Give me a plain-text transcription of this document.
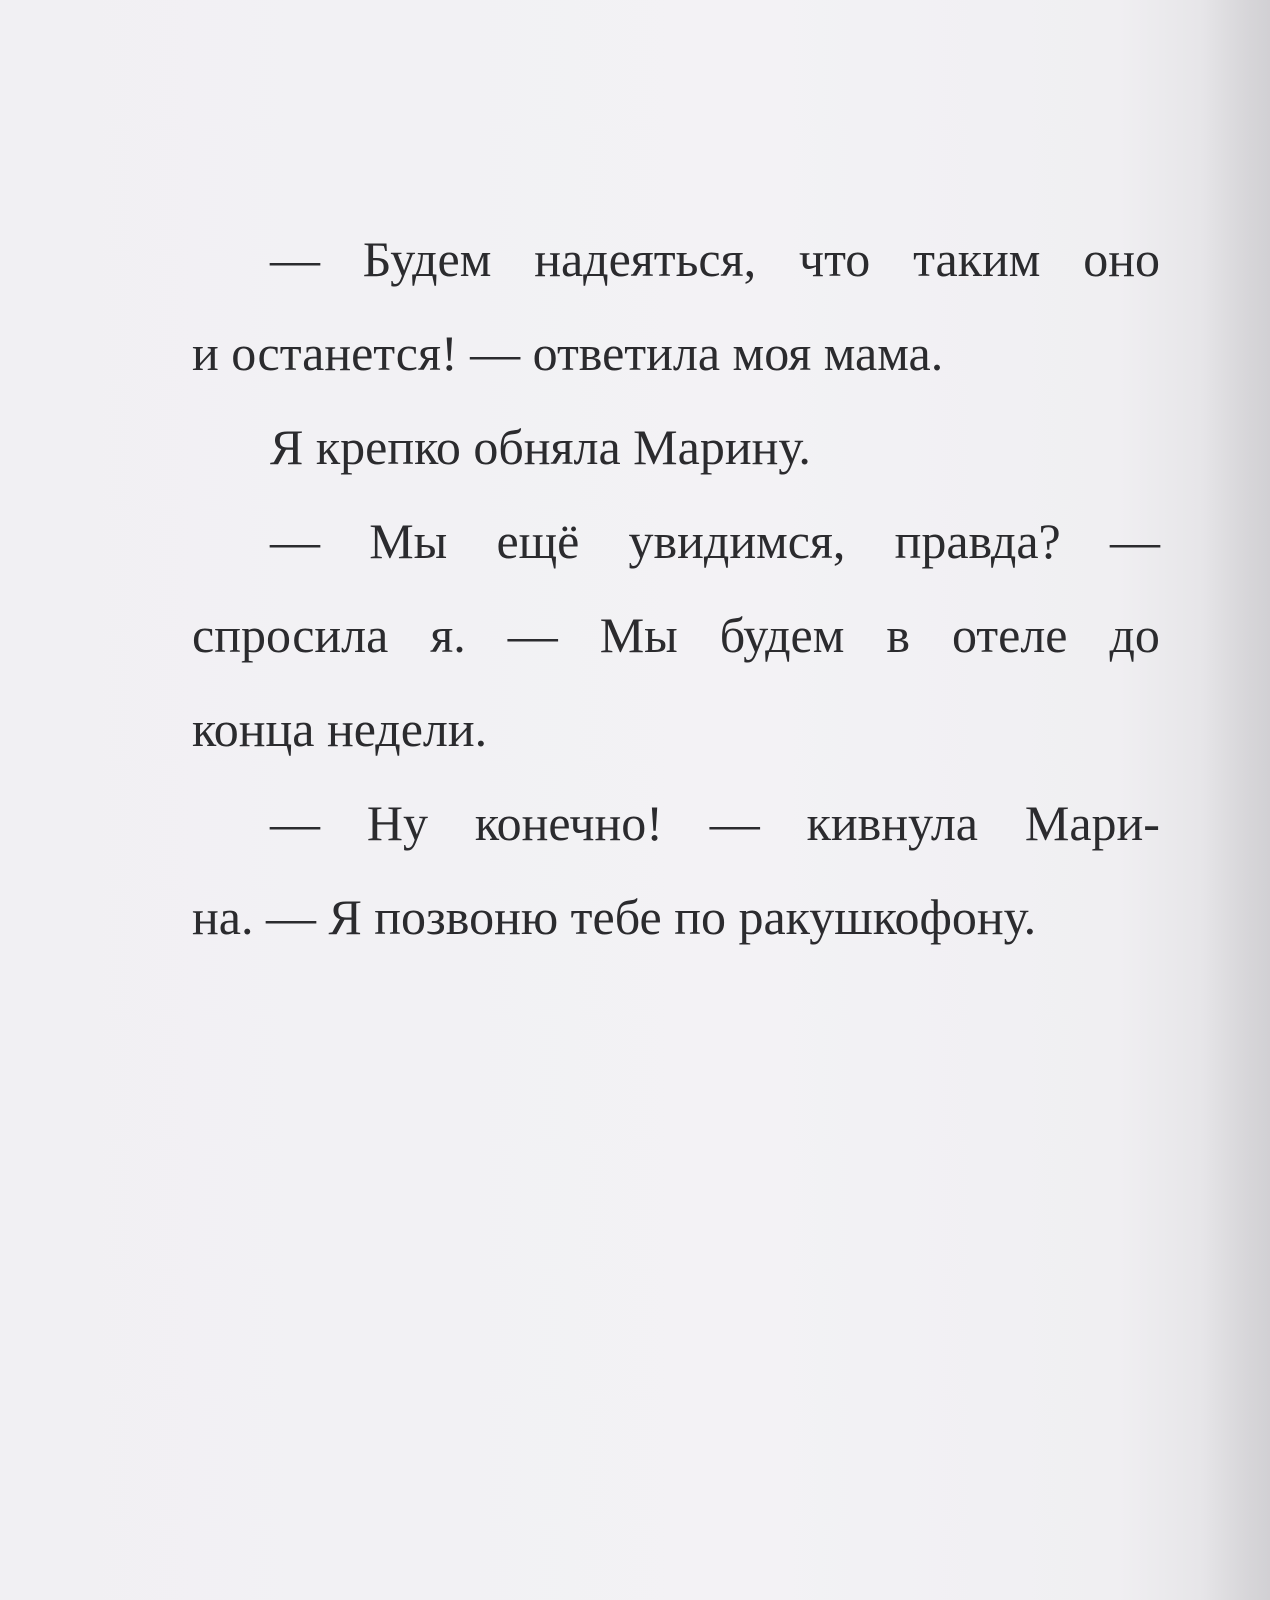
— Будем надеяться, что таким оно
и останется! — ответила моя мама.
Я крепко обняла Марину.
— Мы ещё увидимся, правда? —
спросила я. — Мы будем в отеле до
конца недели.
— Ну конечно! — кивнула Мари-
на. — Я позвоню тебе по ракушкофону.
